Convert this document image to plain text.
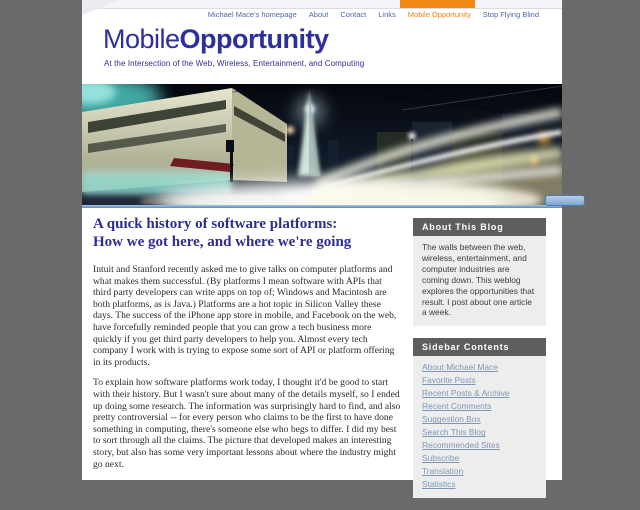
Michael Mace's homepage About Contact Links Mobile Opportunity Stop Flying Blind
MobileOpportunity
At the Intersection of the Web, Wireless, Entertainment, and Computing
A quick history of software platforms:
How we got here, and where we're going

Intuit and Stanford recently asked me to give talks on computer platforms and what makes them successful. (By platforms I mean software with APIs that third party developers can write apps on top of; Windows and Macintosh are both platforms, as is Java.) Platforms are a hot topic in Silicon Valley these days. The success of the iPhone app store in mobile, and Facebook on the web, have forcefully reminded people that you can grow a tech business more quickly if you get third party developers to help you. Almost every tech company I work with is trying to expose some sort of API or platform offering in its products.

To explain how software platforms work today, I thought it'd be good to start with their history. But I wasn't sure about many of the details myself, so I ended up doing some research. The information was surprisingly hard to find, and also pretty controversial -- for every person who claims to be the first to have done something in computing, there's someone else who begs to differ. I did my best to sort through all the claims. The picture that developed makes an interesting story, but also has some very important lessons about where the industry might go next.

About This Blog
The walls between the web, wireless, entertainment, and computer industries are coming down. This weblog explores the opportunities that result. I post about one article a week.
Sidebar Contents
About Michael Mace
Favorite Posts
Recent Posts & Archive
Recent Comments
Suggestion Box
Search This Blog
Recommended Sites
Subscribe
Translation
Statistics
